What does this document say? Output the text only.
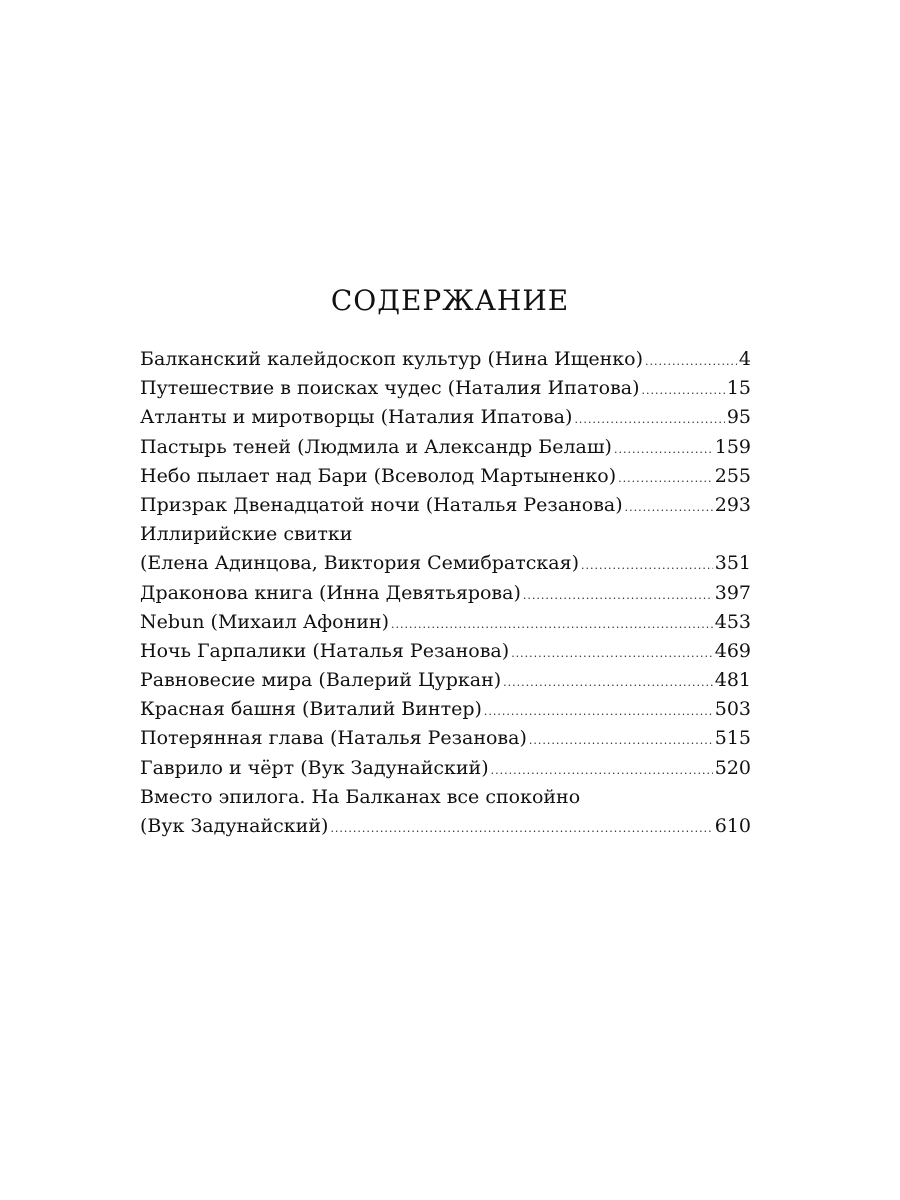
СОДЕРЖАНИЕ
Балканский калейдоскоп культур (Нина Ищенко) .....	4
Путешествие в поисках чудес (Наталия Ипатова) .....	15
Атланты и миротворцы (Наталия Ипатова) .....	95
Пастырь теней (Людмила и Александр Белаш) .....	159
Небо пылает над Бари (Всеволод Мартыненко) .....	255
Призрак Двенадцатой ночи (Наталья Резанова) .....	293
Иллирийские свитки
(Елена Адинцова, Виктория Семибратская) .....	351
Драконова книга (Инна Девятьярова) .....	397
Nebun (Михаил Афонин) .....	453
Ночь Гарпалики (Наталья Резанова) .....	469
Равновесие мира (Валерий Цуркан) .....	481
Красная башня (Виталий Винтер) .....	503
Потерянная глава (Наталья Резанова) .....	515
Гаврило и чёрт (Вук Задунайский) .....	520
Вместо эпилога. На Балканах все спокойно
(Вук Задунайский) .....	610
